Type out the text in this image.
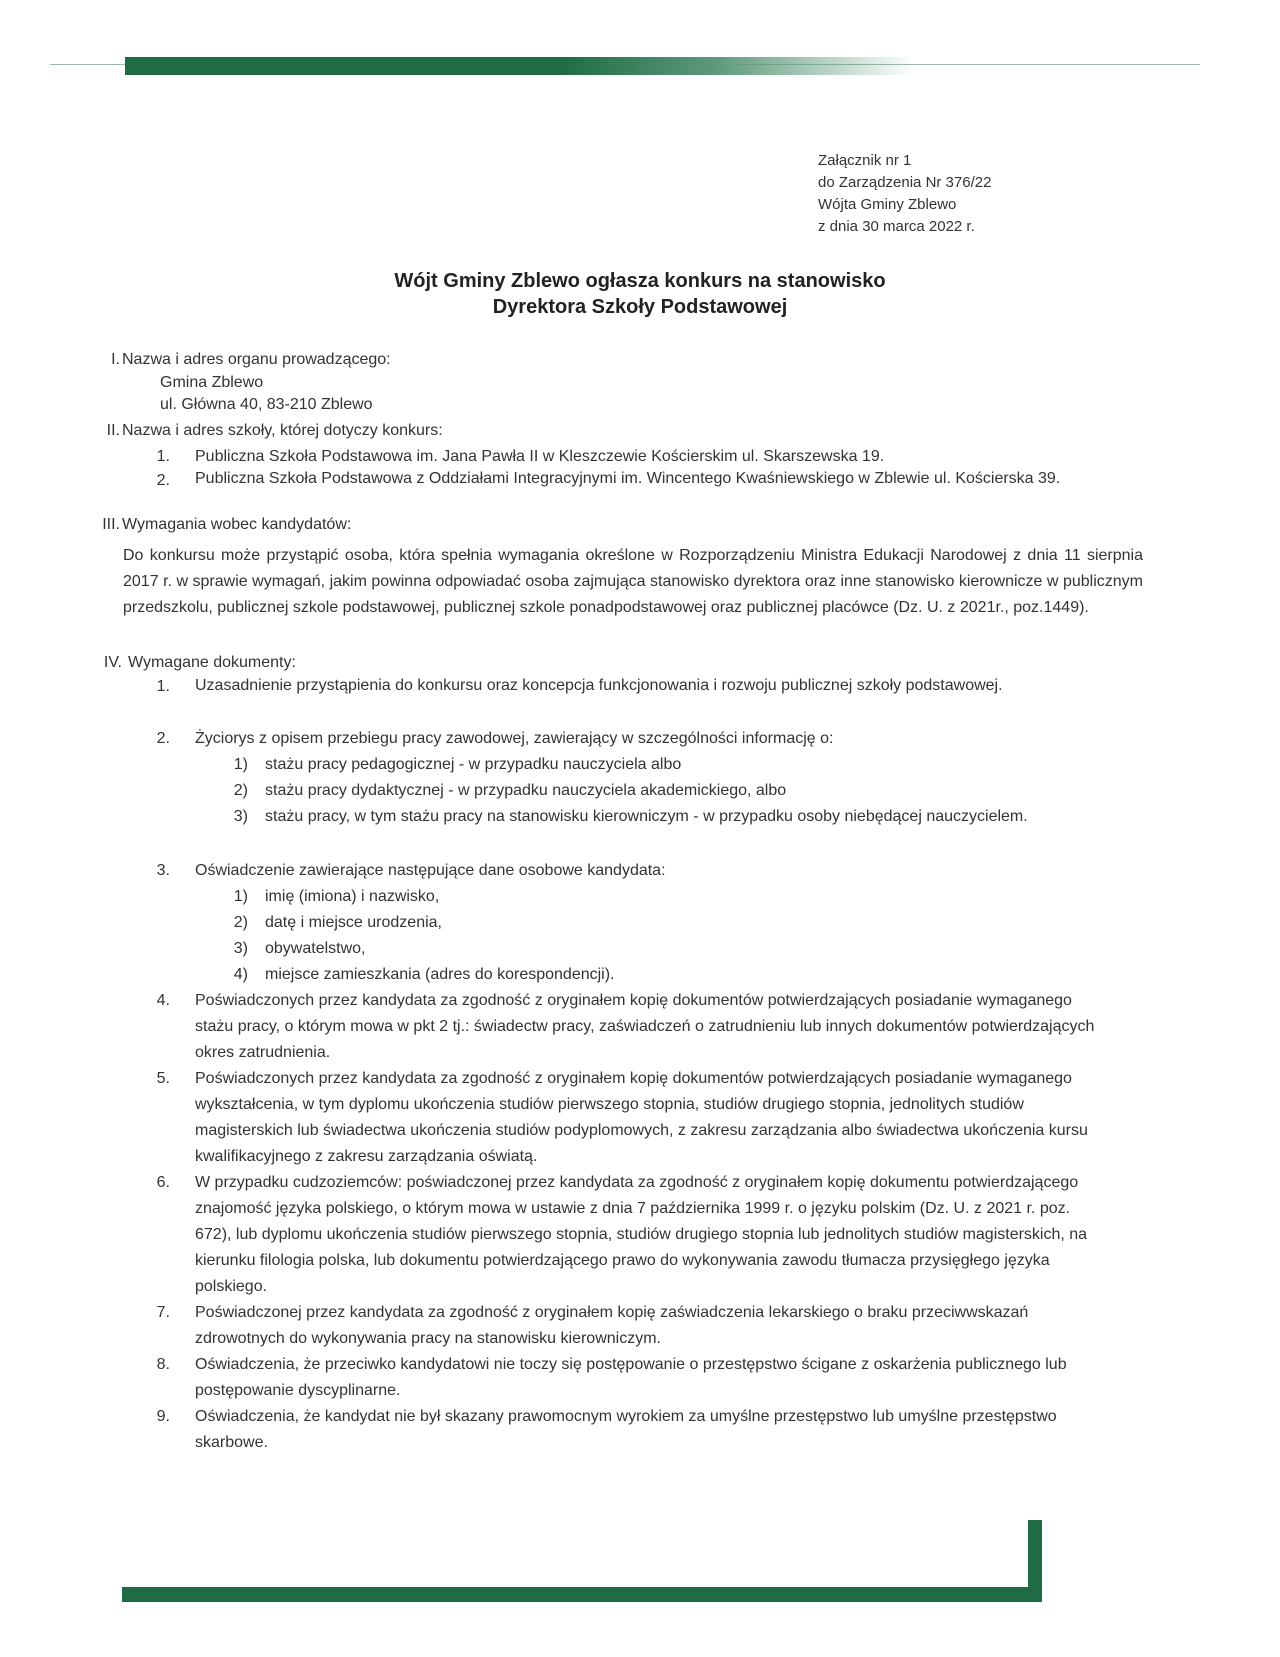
Załącznik nr 1
do Zarządzenia Nr 376/22
Wójta Gminy Zblewo
z dnia 30 marca 2022 r.
Wójt Gminy Zblewo ogłasza konkurs na stanowisko
Dyrektora Szkoły Podstawowej
I. Nazwa i adres organu prowadzącego:
Gmina Zblewo
ul. Główna 40, 83-210 Zblewo
II. Nazwa i adres szkoły, której dotyczy konkurs:
1. Publiczna Szkoła Podstawowa im. Jana Pawła II w Kleszczewie Kościerskim ul. Skarszewska 19.
2. Publiczna Szkoła Podstawowa z Oddziałami Integracyjnymi im. Wincentego Kwaśniewskiego w Zblewie ul. Kościerska 39.
III. Wymagania wobec kandydatów:
Do konkursu może przystąpić osoba, która spełnia wymagania określone w Rozporządzeniu Ministra Edukacji Narodowej z dnia 11 sierpnia 2017 r. w sprawie wymagań, jakim powinna odpowiadać osoba zajmująca stanowisko dyrektora oraz inne stanowisko kierownicze w publicznym przedszkolu, publicznej szkole podstawowej, publicznej szkole ponadpodstawowej oraz publicznej placówce (Dz. U. z 2021r., poz.1449).
IV. Wymagane dokumenty:
1. Uzasadnienie przystąpienia do konkursu oraz koncepcja funkcjonowania i rozwoju publicznej szkoły podstawowej.
2. Życiorys z opisem przebiegu pracy zawodowej, zawierający w szczególności informację o:
1) stażu pracy pedagogicznej - w przypadku nauczyciela albo
2) stażu pracy dydaktycznej - w przypadku nauczyciela akademickiego, albo
3) stażu pracy, w tym stażu pracy na stanowisku kierowniczym - w przypadku osoby niebędącej nauczycielem.
3. Oświadczenie zawierające następujące dane osobowe kandydata:
1) imię (imiona) i nazwisko,
2) datę i miejsce urodzenia,
3) obywatelstwo,
4) miejsce zamieszkania (adres do korespondencji).
4. Poświadczonych przez kandydata za zgodność z oryginałem kopię dokumentów potwierdzających posiadanie wymaganego stażu pracy, o którym mowa w pkt 2 tj.: świadectw pracy, zaświadczeń o zatrudnieniu lub innych dokumentów potwierdzających okres zatrudnienia.
5. Poświadczonych przez kandydata za zgodność z oryginałem kopię dokumentów potwierdzających posiadanie wymaganego wykształcenia, w tym dyplomu ukończenia studiów pierwszego stopnia, studiów drugiego stopnia, jednolitych studiów magisterskich lub świadectwa ukończenia studiów podyplomowych, z zakresu zarządzania albo świadectwa ukończenia kursu kwalifikacyjnego z zakresu zarządzania oświatą.
6. W przypadku cudzoziemców: poświadczonej przez kandydata za zgodność z oryginałem kopię dokumentu potwierdzającego znajomość języka polskiego, o którym mowa w ustawie z dnia 7 października 1999 r. o języku polskim (Dz. U. z 2021 r. poz. 672), lub dyplomu ukończenia studiów pierwszego stopnia, studiów drugiego stopnia lub jednolitych studiów magisterskich, na kierunku filologia polska, lub dokumentu potwierdzającego prawo do wykonywania zawodu tłumacza przysięgłego języka polskiego.
7. Poświadczonej przez kandydata za zgodność z oryginałem kopię zaświadczenia lekarskiego o braku przeciwwskazań zdrowotnych do wykonywania pracy na stanowisku kierowniczym.
8. Oświadczenia, że przeciwko kandydatowi nie toczy się postępowanie o przestępstwo ścigane z oskarżenia publicznego lub postępowanie dyscyplinarne.
9. Oświadczenia, że kandydat nie był skazany prawomocnym wyrokiem za umyślne przestępstwo lub umyślne przestępstwo skarbowe.
